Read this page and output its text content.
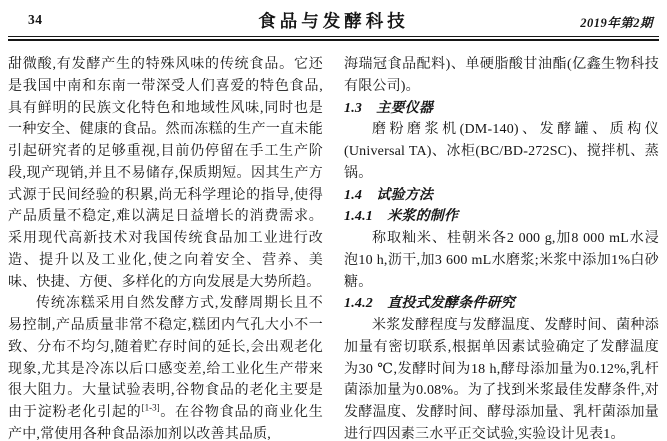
34	食品与发酵科技	2019年第2期

甜微酸,有发酵产生的特殊风味的传统食品。它还是我国中南和东南一带深受人们喜爱的特色食品,具有鲜明的民族文化特色和地域性风味,同时也是一种安全、健康的食品。然而冻糕的生产一直未能引起研究者的足够重视,目前仍停留在手工生产阶段,现产现销,并且不易储存,保质期短。因其生产方式源于民间经验的积累,尚无科学理论的指导,使得产品质量不稳定,难以满足日益增长的消费需求。采用现代高新技术对我国传统食品加工业进行改造、提升以及工业化,使之向着安全、营养、美味、快捷、方便、多样化的方向发展是大势所趋。

传统冻糕采用自然发酵方式,发酵周期长且不易控制,产品质量非常不稳定,糕团内气孔大小不一致、分布不均匀,随着贮存时间的延长,会出观老化现象,尤其是冷冻以后口感变差,给工业化生产带来很大阻力。大量试验表明,谷物食品的老化主要是由于淀粉老化引起的[1-3]。在谷物食品的商业化生产中,常使用各种食品添加剂以改善其品质,

海瑞冠食品配料)、单硬脂酸甘油酯(亿鑫生物科技有限公司)。

1.3　主要仪器

磨粉磨浆机(DM-140)、发酵罐、质构仪(Universal TA)、冰柜(BC/BD-272SC)、搅拌机、蒸锅。

1.4　试验方法
1.4.1　米浆的制作

称取籼米、桂朝米各2 000 g,加8 000 mL水浸泡10 h,沥干,加3 600 mL水磨浆;米浆中添加1%白砂糖。

1.4.2　直投式发酵条件研究

米浆发酵程度与发酵温度、发酵时间、菌种添加量有密切联系,根据单因素试验确定了发酵温度为30 ℃,发酵时间为18 h,酵母添加量为0.12%,乳杆菌添加量为0.08%。为了找到米浆最佳发酵条件,对发酵温度、发酵时间、酵母添加量、乳杆菌添加量进行四因素三水平正交试验,实验设计见表1。
